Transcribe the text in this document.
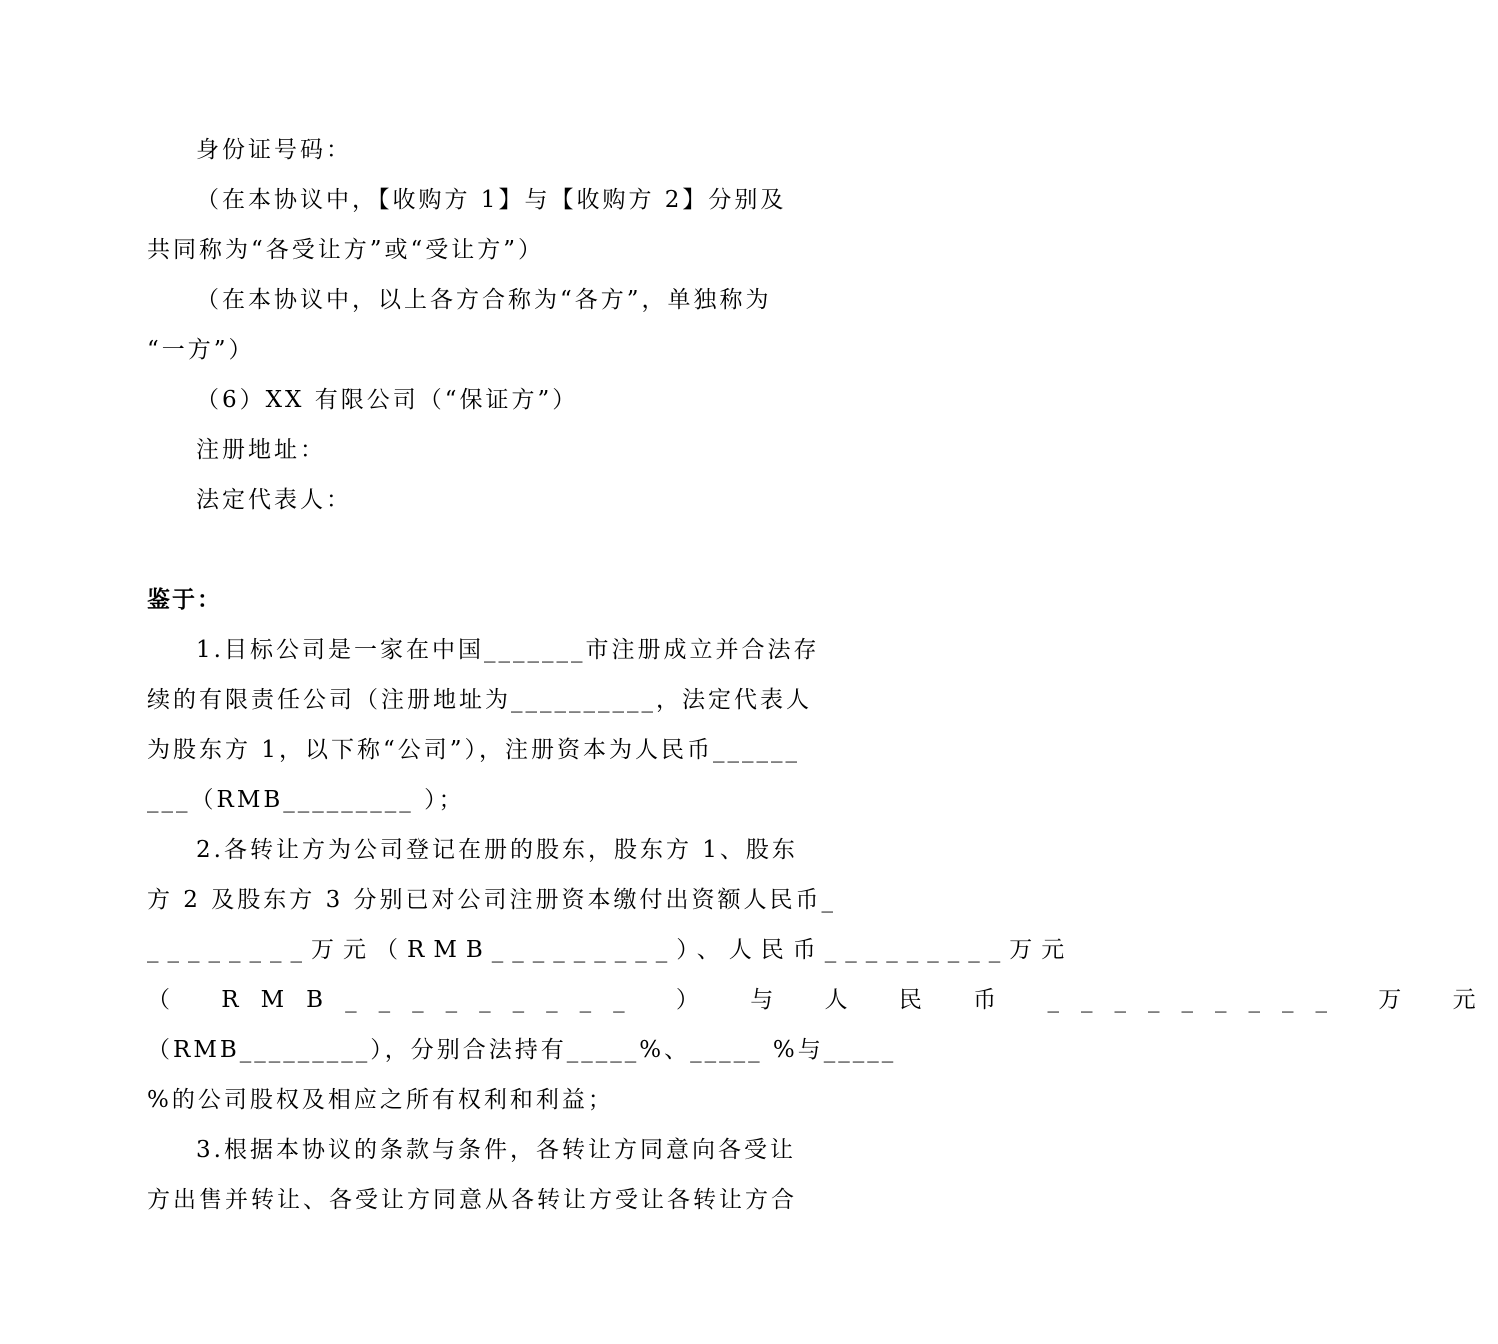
身份证号码：
（在本协议中，【收购方 1】与【收购方 2】分别及
共同称为“各受让方”或“受让方”）
（在本协议中，以上各方合称为“各方”，单独称为
“一方”）
（6）XX 有限公司（“保证方”）
注册地址：
法定代表人：
鉴于：
1.目标公司是一家在中国_______市注册成立并合法存
续的有限责任公司（注册地址为__________，法定代表人
为股东方 1，以下称“公司”），注册资本为人民币______
___（RMB_________ ）；
2.各转让方为公司登记在册的股东，股东方 1、股东
方 2 及股东方 3 分别已对公司注册资本缴付出资额人民币_
________万元（RMB_________）、人民币_________万元
（ RMB_________ ） 与 人 民 币 _________ 万 元
（RMB_________），分别合法持有_____%、_____ %与_____
%的公司股权及相应之所有权利和利益；
3.根据本协议的条款与条件，各转让方同意向各受让
方出售并转让、各受让方同意从各转让方受让各转让方合
